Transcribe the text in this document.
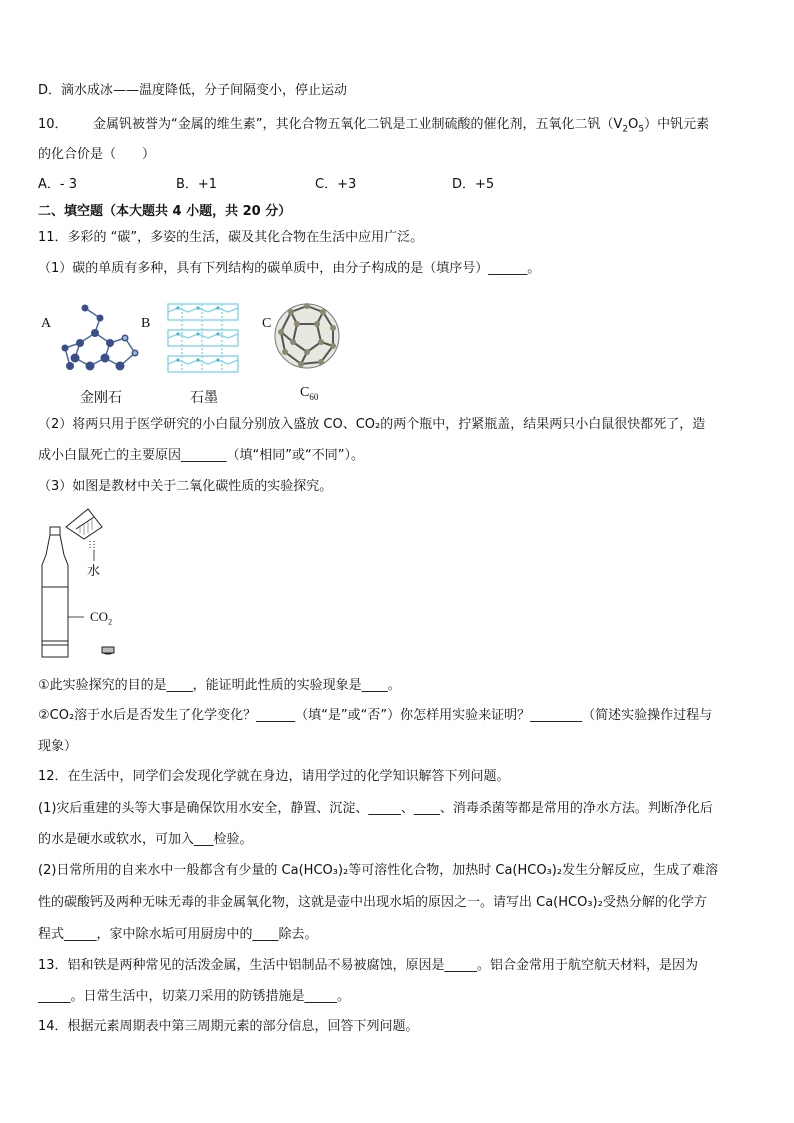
D．滴水成冰——温度降低，分子间隔变小，停止运动
10． 金属钒被誉为“金属的维生素”，其化合物五氧化二钒是工业制硫酸的催化剂，五氧化二钒$(V_2O_5)$中钒元素
的化合价是（　　）
A．- 3	B．+1	C．+3	D．+5
二、填空题（本大题共 4 小题，共 20 分）
11．多彩的 “碳”，多姿的生活，碳及其化合物在生活中应用广泛。
（1）碳的单质有多种，具有下列结构的碳单质中，由分子构成的是（填序号）______。
A	B	C
金刚石	石墨	$C_{60}$
（2）将两只用于医学研究的小白鼠分别放入盛放 CO、CO₂的两个瓶中，拧紧瓶盖，结果两只小白鼠很快都死了，造
成小白鼠死亡的主要原因_______（填“相同”或“不同”）。
（3）如图是教材中关于二氧化碳性质的实验探究。
水
$CO_2$
①此实验探究的目的是____，能证明此性质的实验现象是____。
②CO₂溶于水后是否发生了化学变化？______（填“是”或“否”）你怎样用实验来证明？________（简述实验操作过程与
现象）
12．在生活中，同学们会发现化学就在身边，请用学过的化学知识解答下列问题。
(1)灾后重建的头等大事是确保饮用水安全，静置、沉淀、_____、____、消毒杀菌等都是常用的净水方法。判断净化后
的水是硬水或软水，可加入___检验。
(2)日常所用的自来水中一般都含有少量的 Ca(HCO₃)₂等可溶性化合物，加热时 Ca(HCO₃)₂发生分解反应，生成了难溶
性的碳酸钙及两种无味无毒的非金属氧化物，这就是壶中出现水垢的原因之一。请写出 Ca(HCO₃)₂受热分解的化学方
程式_____，家中除水垢可用厨房中的____除去。
13．铝和铁是两种常见的活泼金属，生活中铝制品不易被腐蚀，原因是_____。铝合金常用于航空航天材料，是因为
_____。日常生活中，切菜刀采用的防锈措施是_____。
14．根据元素周期表中第三周期元素的部分信息，回答下列问题。
